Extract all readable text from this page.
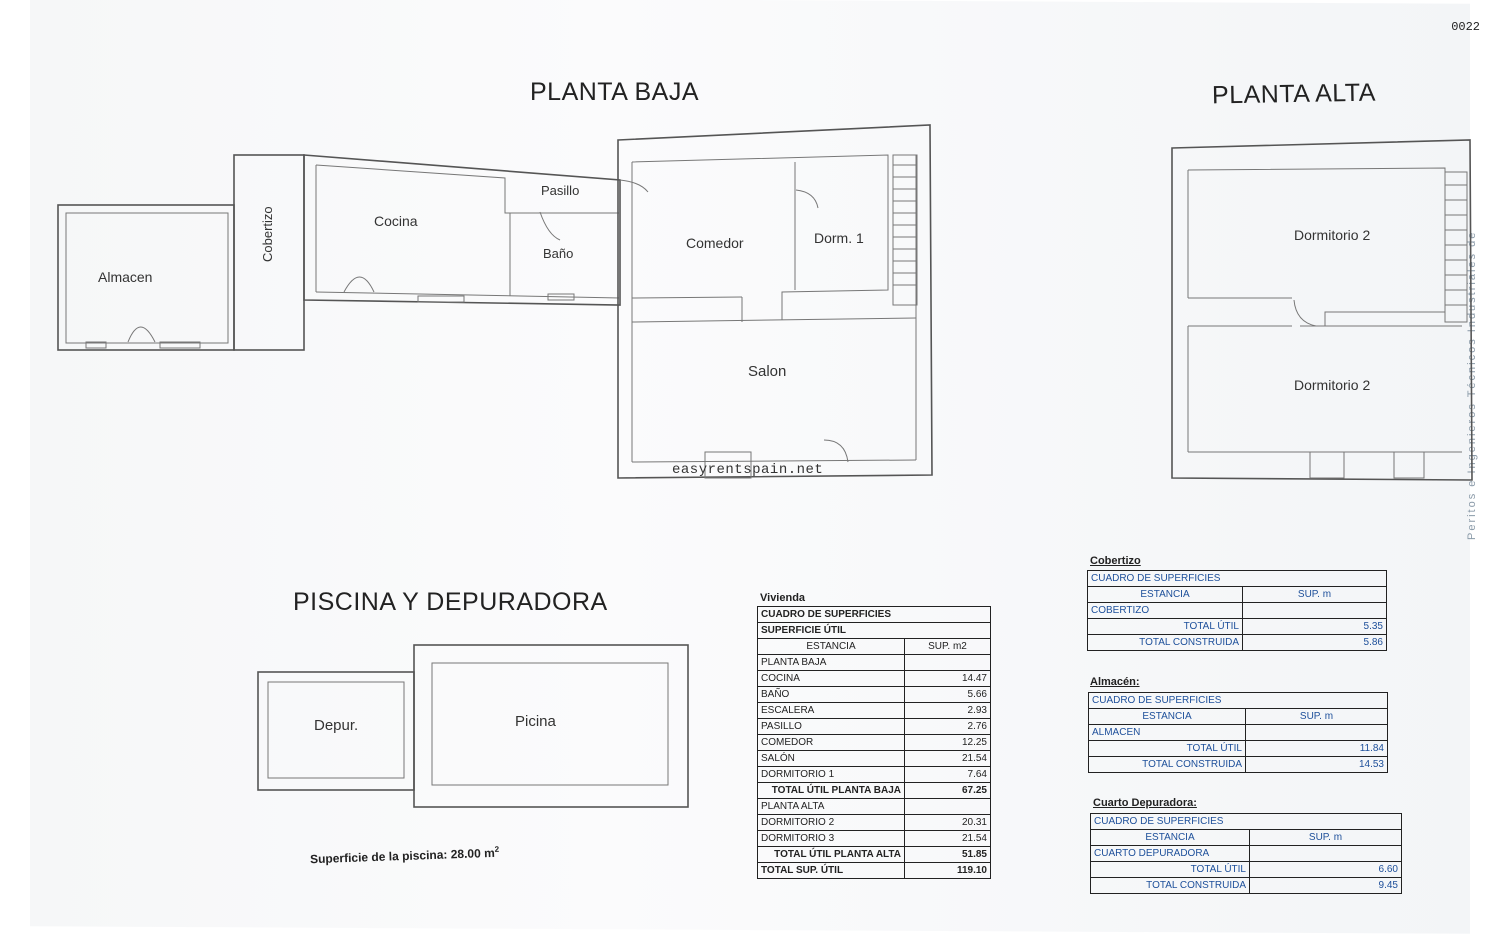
0022
Peritos e Ingenieros Técnicos Industriales de
PLANTA BAJA	PLANTA ALTA
PISCINA Y DEPURADORA
Almacen
Cobertizo	Cocina
Pasillo
Baño
Comedor	Dorm. 1
Salon
Dormitorio 2
Dormitorio 2
Depur.	Picina
easyrentspain.net
Superficie de la piscina: 28.00 $m^2$
Vivienda
CUADRO DE SUPERFICIES	
SUPERFICIE ÚTIL	
ESTANCIA	SUP. m2
PLANTA BAJA	
COCINA	14.47
BAÑO	5.66
ESCALERA	2.93
PASILLO	2.76
COMEDOR	12.25
SALÓN	21.54
DORMITORIO 1	7.64
TOTAL ÚTIL PLANTA BAJA	67.25
PLANTA ALTA	
DORMITORIO 2	20.31
DORMITORIO 3	21.54
TOTAL ÚTIL PLANTA ALTA	51.85
TOTAL SUP. ÚTIL	119.10
Cobertizo
CUADRO DE SUPERFICIES	
ESTANCIA	SUP. m
COBERTIZO	
TOTAL ÚTIL	5.35
TOTAL CONSTRUIDA	5.86
Almacén:
CUADRO DE SUPERFICIES	
ESTANCIA	SUP. m
ALMACEN	
TOTAL ÚTIL	11.84
TOTAL CONSTRUIDA	14.53
Cuarto Depuradora:
CUADRO DE SUPERFICIES	
ESTANCIA	SUP. m
CUARTO DEPURADORA	
TOTAL ÚTIL	6.60
TOTAL CONSTRUIDA	9.45
